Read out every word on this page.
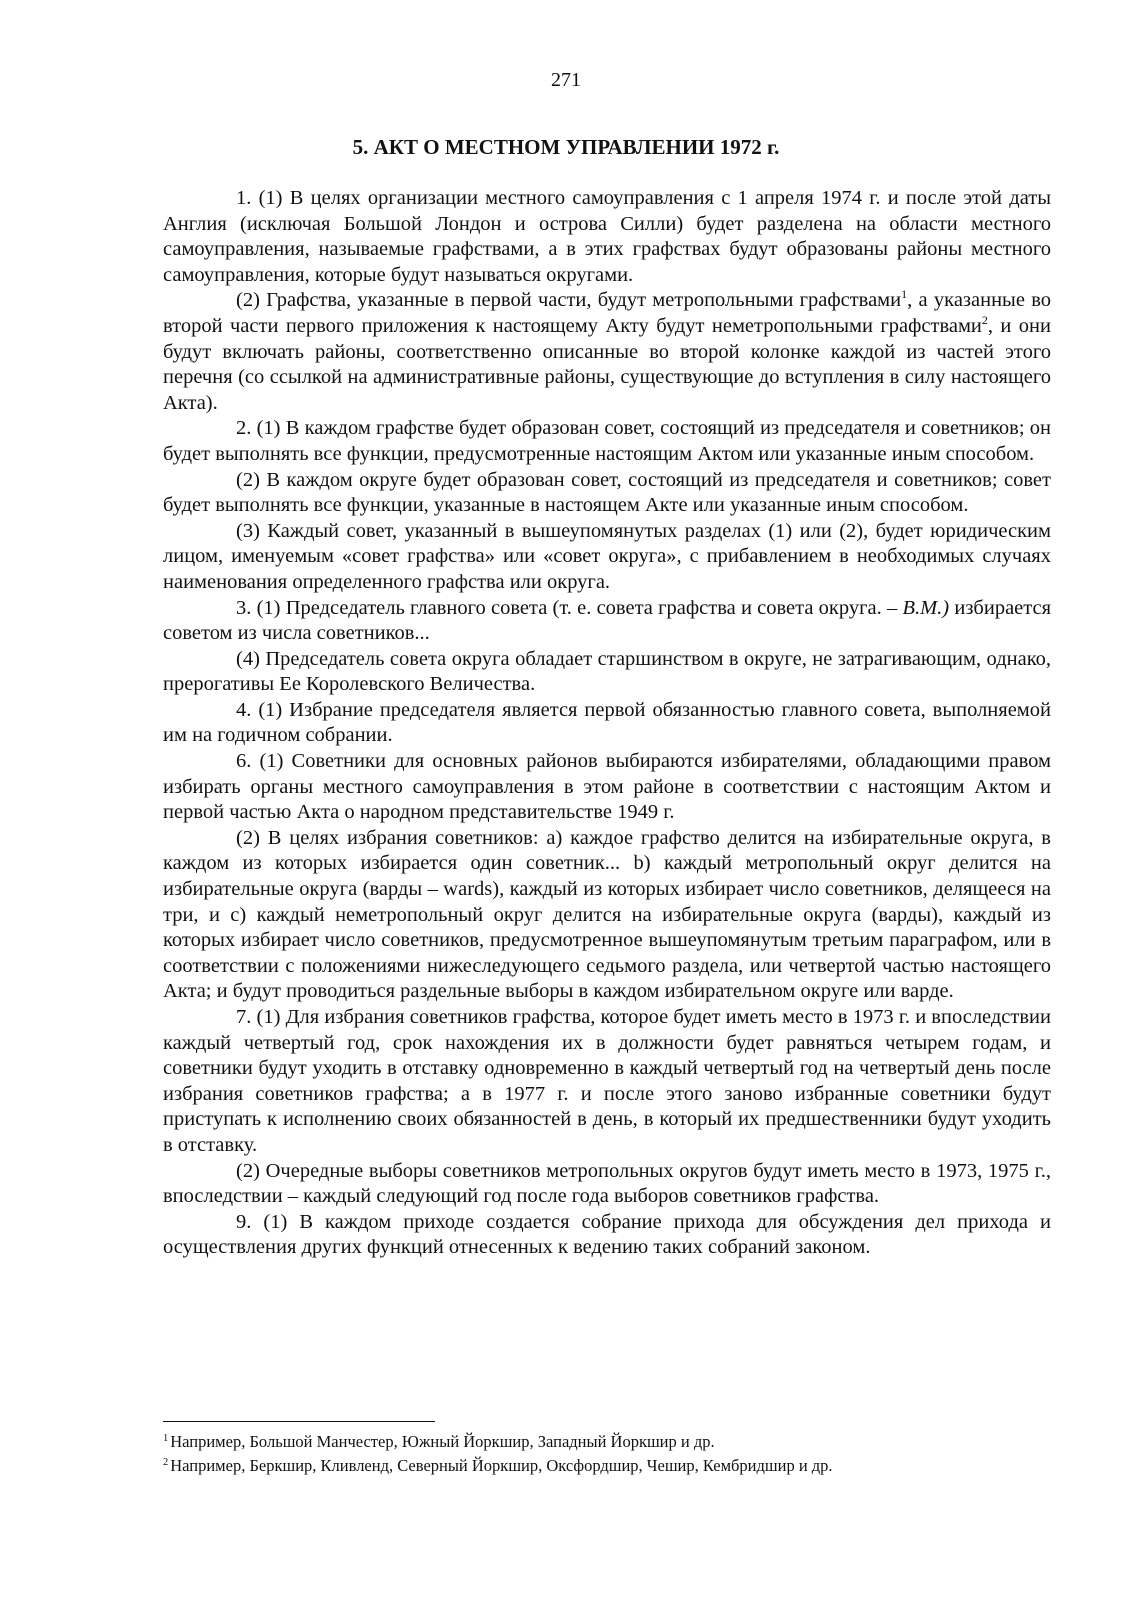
271
5. АКТ О МЕСТНОМ УПРАВЛЕНИИ 1972 г.

1. (1) В целях организации местного самоуправления с 1 апреля 1974 г. и после этой даты Англия (исключая Большой Лондон и острова Силли) будет разделена на области местного самоуправления, называемые графствами, а в этих графствах будут образованы районы местного самоуправления, которые будут называться округами.

(2) Графства, указанные в первой части, будут метропольными графствами$^1$, а указанные во второй части первого приложения к настоящему Акту будут неметропольными графствами$^2$, и они будут включать районы, соответственно описанные во второй колонке каждой из частей этого перечня (со ссылкой на административные районы, существующие до вступления в силу настоящего Акта).

2. (1) В каждом графстве будет образован совет, состоящий из председателя и советников; он будет выполнять все функции, предусмотренные настоящим Актом или указанные иным способом.

(2) В каждом округе будет образован совет, состоящий из председателя и советников; совет будет выполнять все функции, указанные в настоящем Акте или указанные иным способом.

(3) Каждый совет, указанный в вышеупомянутых разделах (1) или (2), будет юридическим лицом, именуемым «совет графства» или «совет округа», с прибавлением в необходимых случаях наименования определенного графства или округа.

3. (1) Председатель главного совета (т. е. совета графства и совета округа. – В.М.) избирается советом из числа советников...

(4) Председатель совета округа обладает старшинством в округе, не затрагивающим, однако, прерогативы Ее Королевского Величества.

4. (1) Избрание председателя является первой обязанностью главного совета, выполняемой им на годичном собрании.

6. (1) Советники для основных районов выбираются избирателями, обладающими правом избирать органы местного самоуправления в этом районе в соответствии с настоящим Актом и первой частью Акта о народном представительстве 1949 г.

(2) В целях избрания советников: а) каждое графство делится на избирательные округа, в каждом из которых избирается один советник... b) каждый метропольный округ делится на избирательные округа (варды – wards), каждый из которых избирает число советников, делящееся на три, и с) каждый неметропольный округ делится на избирательные округа (варды), каждый из которых избирает число советников, предусмотренное вышеупомянутым третьим параграфом, или в соответствии с положениями нижеследующего седьмого раздела, или четвертой частью настоящего Акта; и будут проводиться раздельные выборы в каждом избирательном округе или варде.

7. (1) Для избрания советников графства, которое будет иметь место в 1973 г. и впоследствии каждый четвертый год, срок нахождения их в должности будет равняться четырем годам, и советники будут уходить в отставку одновременно в каждый четвертый год на четвертый день после избрания советников графства; а в 1977 г. и после этого заново избранные советники будут приступать к исполнению своих обязанностей в день, в который их предшественники будут уходить в отставку.

(2) Очередные выборы советников метропольных округов будут иметь место в 1973, 1975 г., впоследствии – каждый следующий год после года выборов советников графства.

9. (1) В каждом приходе создается собрание прихода для обсуждения дел прихода и осуществления других функций отнесенных к ведению таких собраний законом.

$^1$ Например, Большой Манчестер, Южный Йоркшир, Западный Йоркшир и др.

$^2$ Например, Беркшир, Кливленд, Северный Йоркшир, Оксфордшир, Чешир, Кембридшир и др.
